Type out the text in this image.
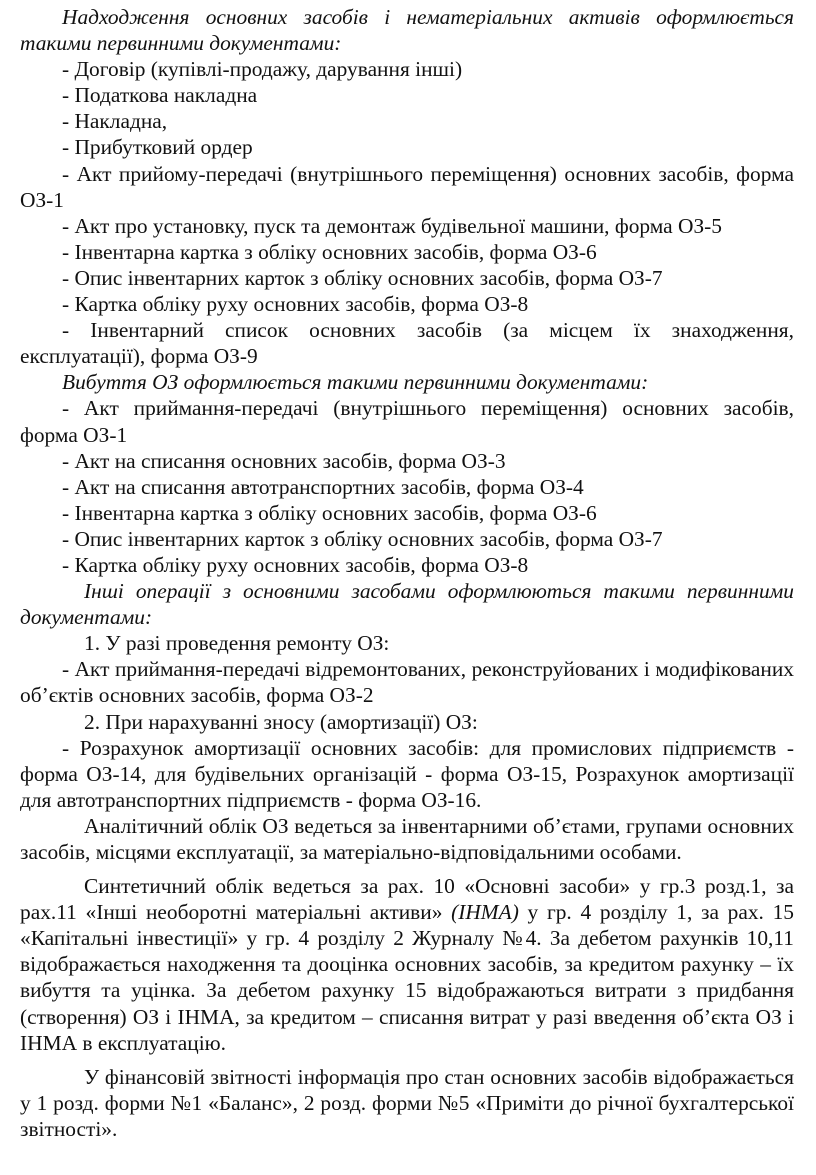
Надходження основних засобів і нематеріальних активів оформлюється такими первинними документами:

- Договір (купівлі-продажу, дарування інші)

- Податкова накладна

- Накладна,

- Прибутковий ордер

- Акт прийому-передачі (внутрішнього переміщення) основних засобів, форма ОЗ-1

- Акт про установку, пуск та демонтаж будівельної машини, форма ОЗ-5

- Інвентарна картка з обліку основних засобів, форма ОЗ-6

- Опис інвентарних карток з обліку основних засобів, форма ОЗ-7

- Картка обліку руху основних засобів, форма ОЗ-8

- Інвентарний список основних засобів (за місцем їх знаходження, експлуатації), форма ОЗ-9

Вибуття ОЗ оформлюється такими первинними документами:

- Акт приймання-передачі (внутрішнього переміщення) основних засобів, форма ОЗ-1

- Акт на списання основних засобів, форма ОЗ-3

- Акт на списання автотранспортних засобів, форма ОЗ-4

- Інвентарна картка з обліку основних засобів, форма ОЗ-6

- Опис інвентарних карток з обліку основних засобів, форма ОЗ-7

- Картка обліку руху основних засобів, форма ОЗ-8

Інші операції з основними засобами оформлюються такими первинними документами:

1. У разі проведення ремонту ОЗ:

- Акт приймання-передачі відремонтованих, реконструйованих і модифікованих об’єктів основних засобів, форма ОЗ-2

2. При нарахуванні зносу (амортизації) ОЗ:

- Розрахунок амортизації основних засобів: для промислових підприємств - форма ОЗ-14, для будівельних організацій - форма ОЗ-15, Розрахунок амортизації для автотранспортних підприємств - форма ОЗ-16.

Аналітичний облік ОЗ ведеться за інвентарними об’єтами, групами основних засобів, місцями експлуатації, за матеріально-відповідальними особами.

Синтетичний облік ведеться за рах. 10 «Основні засоби» у гр.3 розд.1, за рах.11 «Інші необоротні матеріальні активи» (ІНМА) у гр. 4 розділу 1, за рах. 15 «Капітальні інвестиції» у гр. 4 розділу 2 Журналу №4. За дебетом рахунків 10,11 відображається находження та дооцінка основних засобів, за кредитом рахунку – їх вибуття та уцінка. За дебетом рахунку 15 відображаються витрати з придбання (створення) ОЗ і ІНМА, за кредитом – списання витрат у разі введення об’єкта ОЗ і ІНМА в експлуатацію.

У фінансовій звітності інформація про стан основних засобів відображається у 1 розд. форми №1 «Баланс», 2 розд. форми №5 «Приміти до річної бухгалтерської звітності».
